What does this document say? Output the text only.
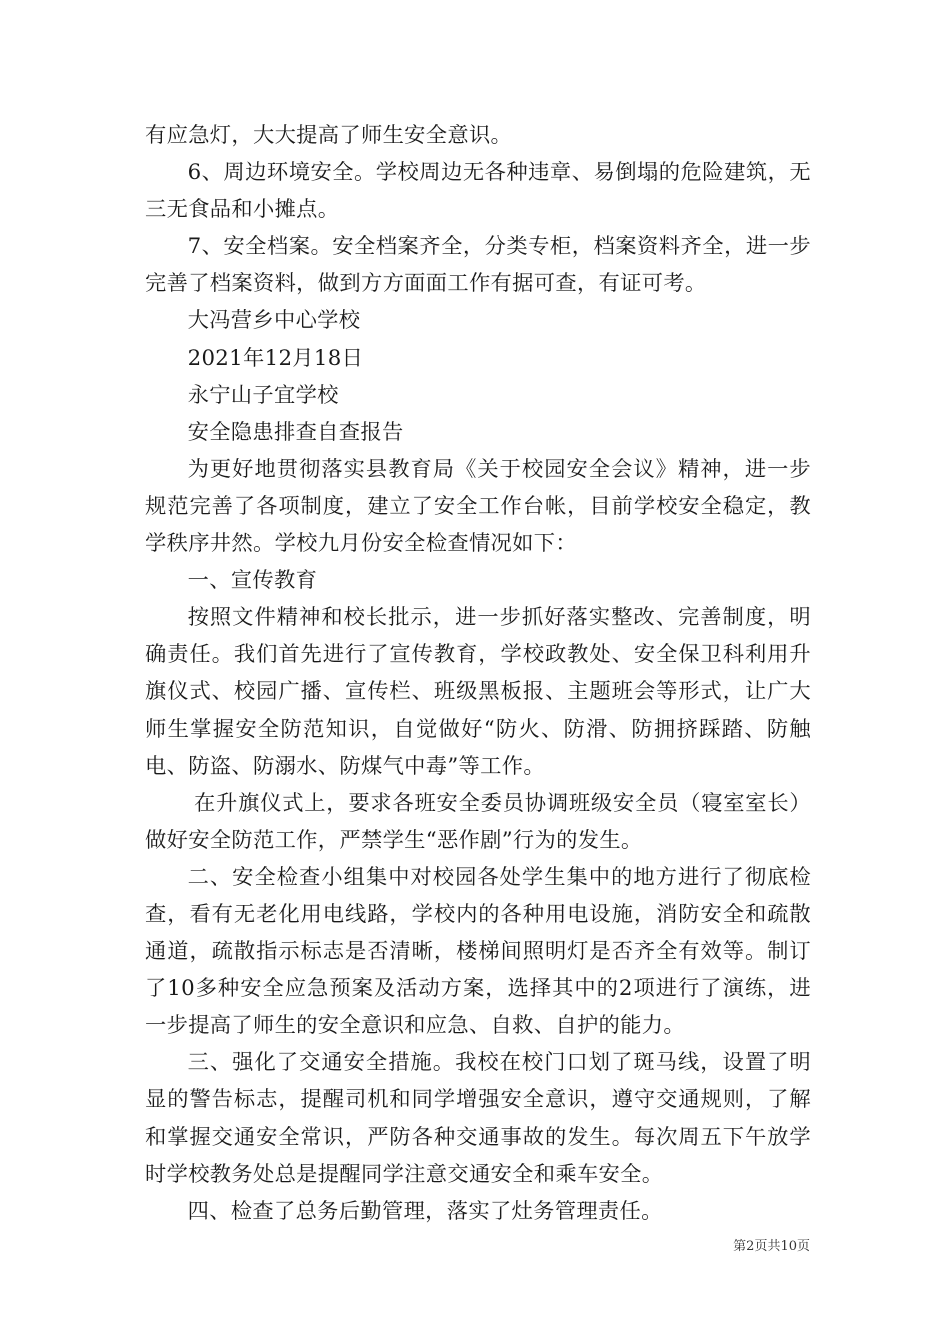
有应急灯，大大提高了师生安全意识。

6、周边环境安全。学校周边无各种违章、易倒塌的危险建筑，无三无食品和小摊点。

7、安全档案。安全档案齐全，分类专柜，档案资料齐全，进一步完善了档案资料，做到方方面面工作有据可查，有证可考。

大冯营乡中心学校

2021年12月18日

永宁山子宜学校

安全隐患排查自查报告

为更好地贯彻落实县教育局《关于校园安全会议》精神，进一步规范完善了各项制度，建立了安全工作台帐，目前学校安全稳定，教学秩序井然。学校九月份安全检查情况如下：

一、宣传教育

按照文件精神和校长批示，进一步抓好落实整改、完善制度，明确责任。我们首先进行了宣传教育，学校政教处、安全保卫科利用升旗仪式、校园广播、宣传栏、班级黑板报、主题班会等形式，让广大师生掌握安全防范知识，自觉做好“防火、防滑、防拥挤踩踏、防触电、防盗、防溺水、防煤气中毒”等工作。

在升旗仪式上，要求各班安全委员协调班级安全员（寝室室长）做好安全防范工作，严禁学生“恶作剧”行为的发生。

二、安全检查小组集中对校园各处学生集中的地方进行了彻底检查，看有无老化用电线路，学校内的各种用电设施，消防安全和疏散通道，疏散指示标志是否清晰，楼梯间照明灯是否齐全有效等。制订了10多种安全应急预案及活动方案，选择其中的2项进行了演练，进一步提高了师生的安全意识和应急、自救、自护的能力。

三、强化了交通安全措施。我校在校门口划了斑马线，设置了明显的警告标志，提醒司机和同学增强安全意识，遵守交通规则，了解和掌握交通安全常识，严防各种交通事故的发生。每次周五下午放学时学校教务处总是提醒同学注意交通安全和乘车安全。

四、检查了总务后勤管理，落实了灶务管理责任。

第2页共10页
